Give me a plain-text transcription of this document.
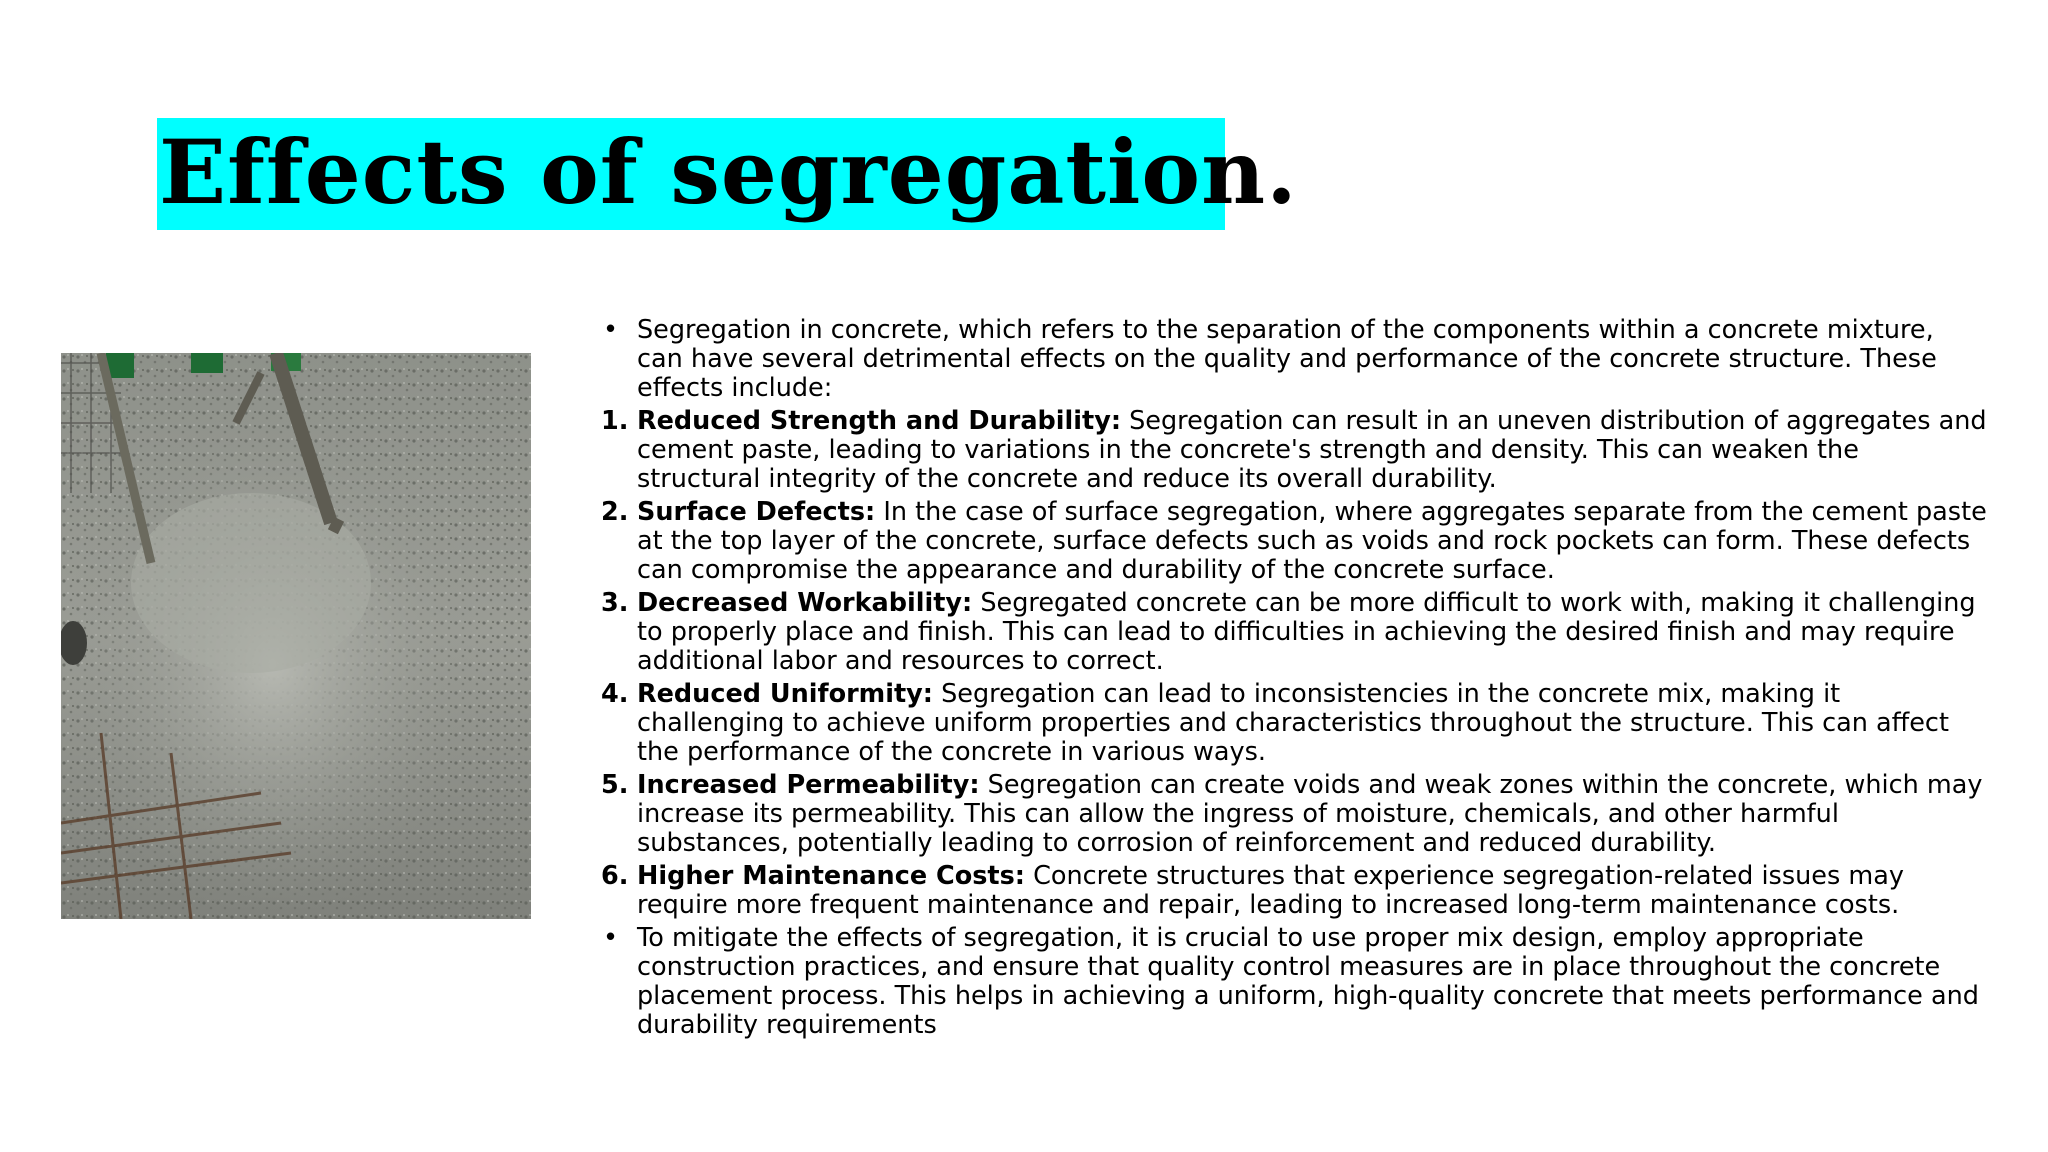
Effects of segregation.
• Segregation in concrete, which refers to the separation of the components within a concrete mixture, can have several detrimental effects on the quality and performance of the concrete structure. These effects include:
1. Reduced Strength and Durability: Segregation can result in an uneven distribution of aggregates and cement paste, leading to variations in the concrete's strength and density. This can weaken the structural integrity of the concrete and reduce its overall durability.
2. Surface Defects: In the case of surface segregation, where aggregates separate from the cement paste at the top layer of the concrete, surface defects such as voids and rock pockets can form. These defects can compromise the appearance and durability of the concrete surface.
3. Decreased Workability: Segregated concrete can be more difficult to work with, making it challenging to properly place and finish. This can lead to difficulties in achieving the desired finish and may require additional labor and resources to correct.
4. Reduced Uniformity: Segregation can lead to inconsistencies in the concrete mix, making it challenging to achieve uniform properties and characteristics throughout the structure. This can affect the performance of the concrete in various ways.
5. Increased Permeability: Segregation can create voids and weak zones within the concrete, which may increase its permeability. This can allow the ingress of moisture, chemicals, and other harmful substances, potentially leading to corrosion of reinforcement and reduced durability.
6. Higher Maintenance Costs: Concrete structures that experience segregation-related issues may require more frequent maintenance and repair, leading to increased long-term maintenance costs.
• To mitigate the effects of segregation, it is crucial to use proper mix design, employ appropriate construction practices, and ensure that quality control measures are in place throughout the concrete placement process. This helps in achieving a uniform, high-quality concrete that meets performance and durability requirements
